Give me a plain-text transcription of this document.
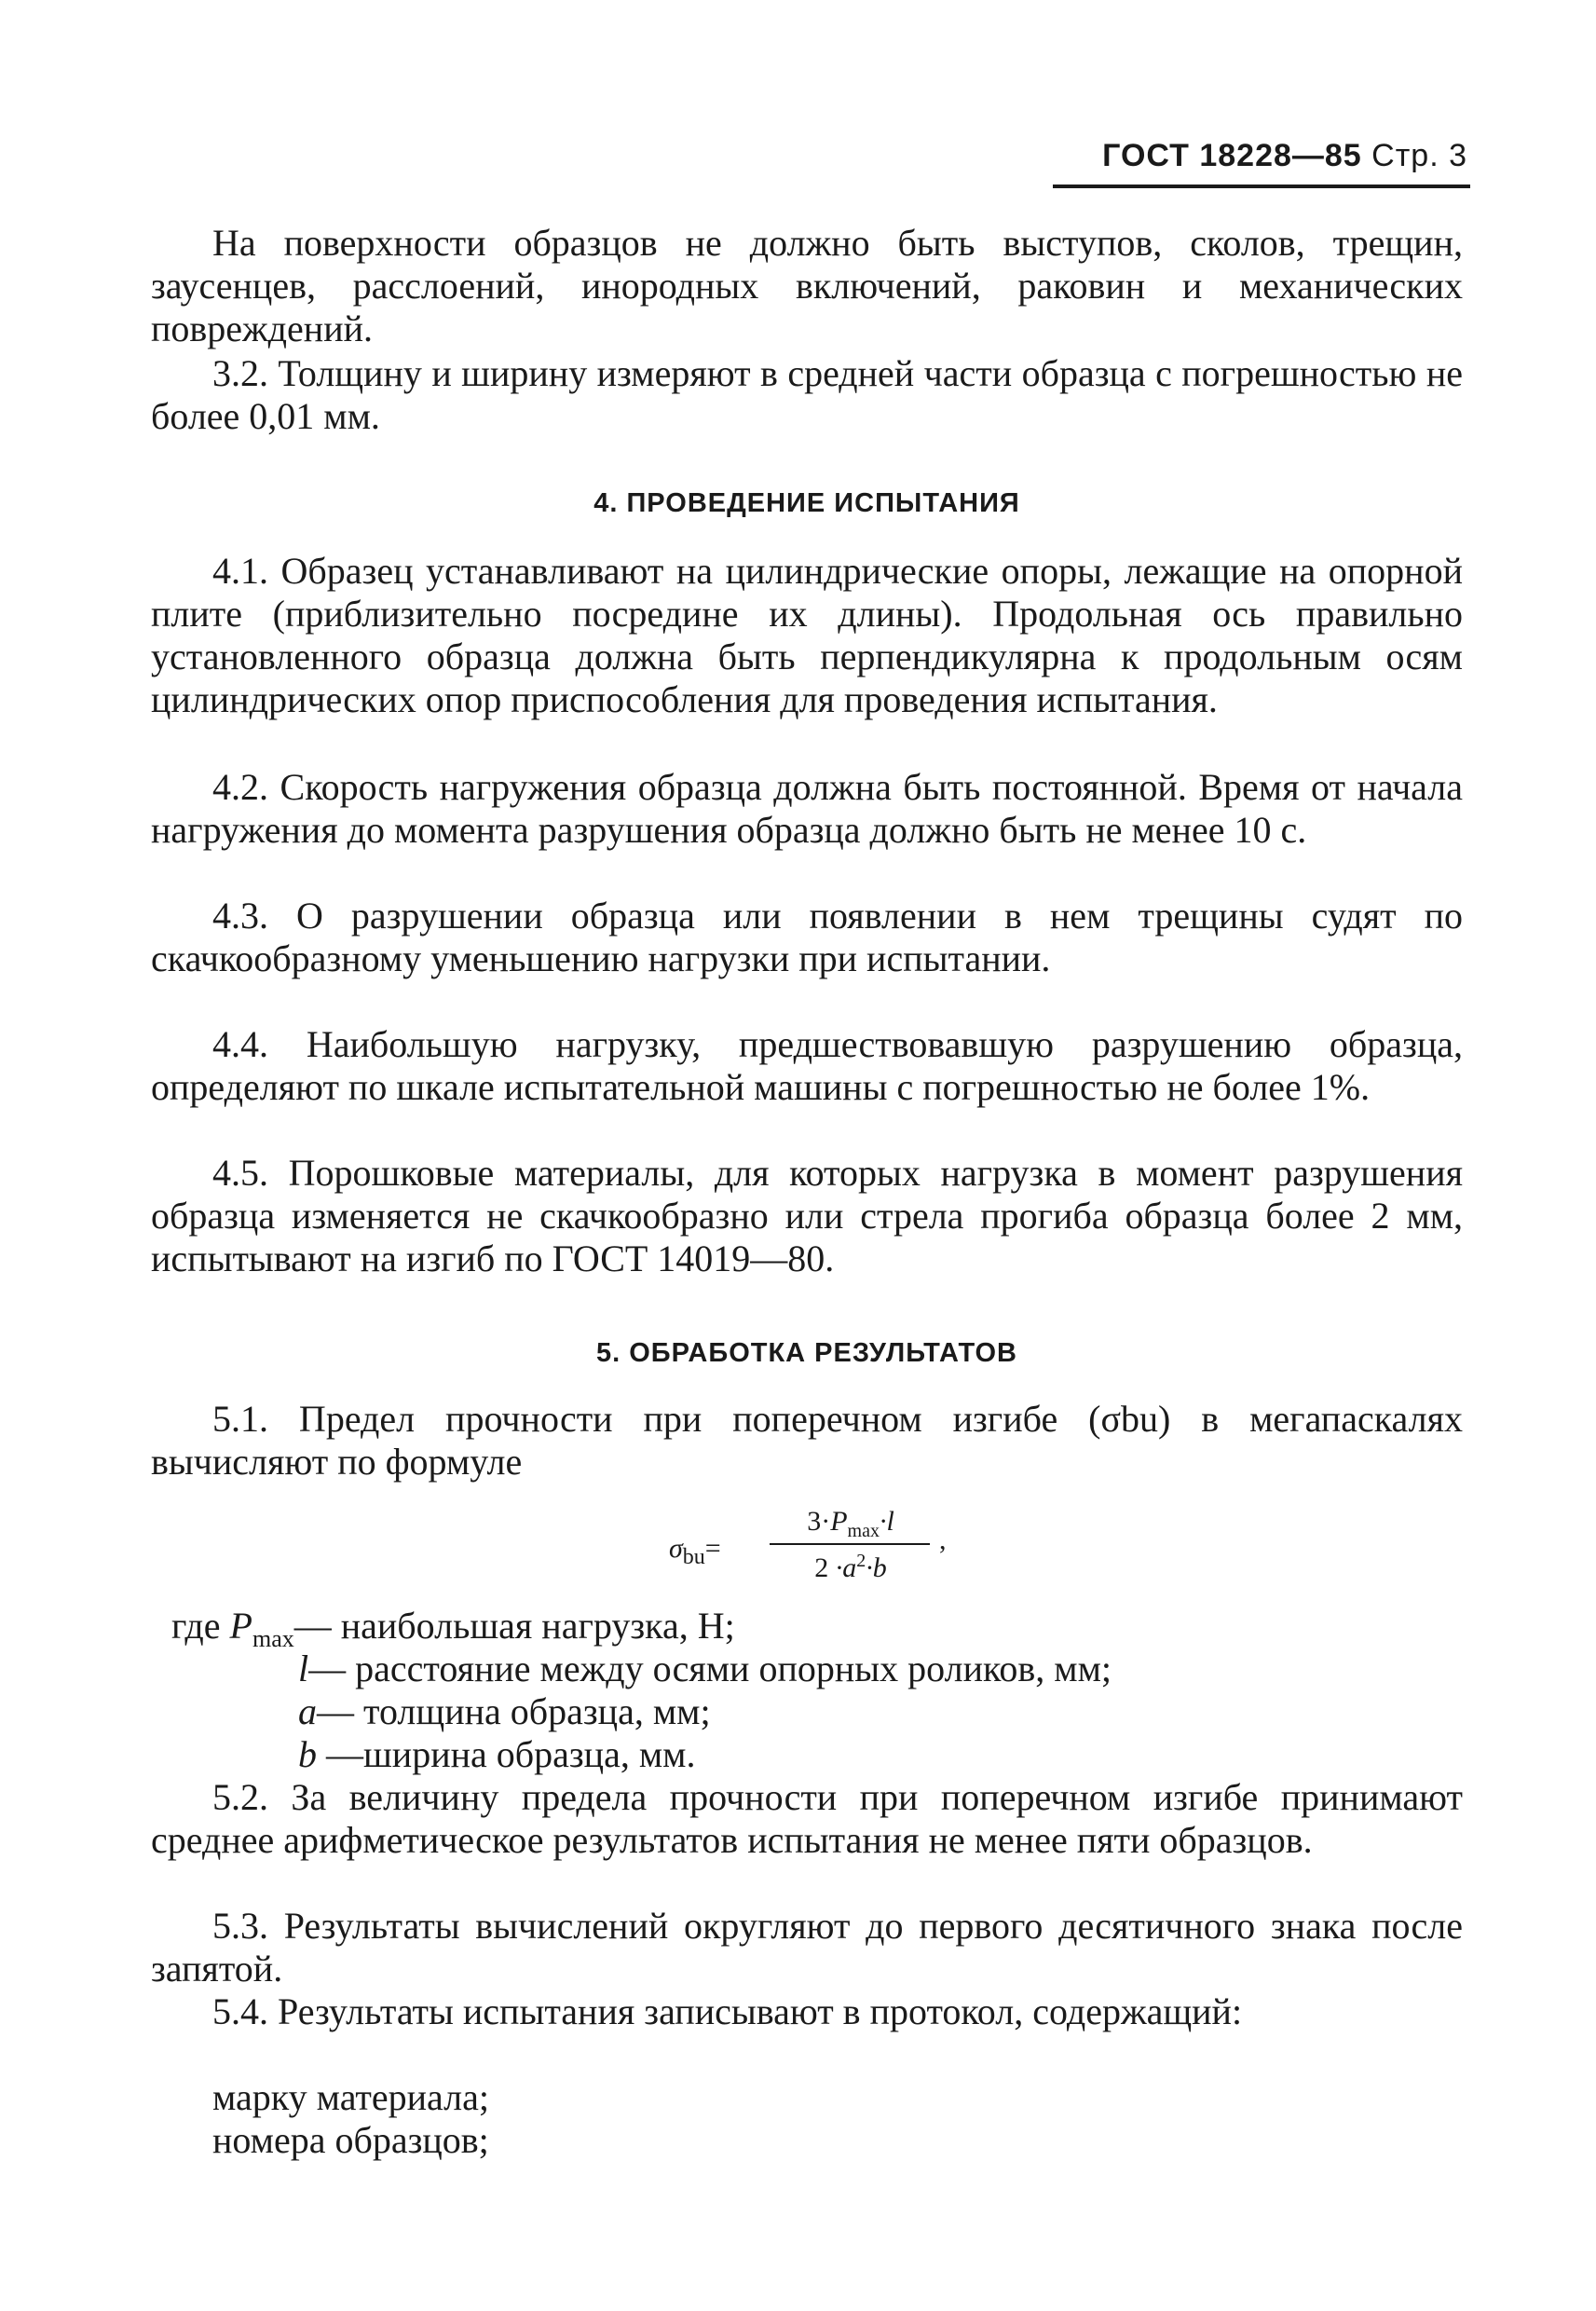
ГОСТ 18228—85 Стр. 3

На поверхности образцов не должно быть выступов, сколов, трещин, заусенцев, расслоений, инородных включений, раковин и механических повреждений.

3.2. Толщину и ширину измеряют в средней части образца с погрешностью не более 0,01 мм.

4. ПРОВЕДЕНИЕ ИСПЫТАНИЯ

4.1. Образец устанавливают на цилиндрические опоры, лежащие на опорной плите (приблизительно посредине их длины). Продольная ось правильно установленного образца должна быть перпендикулярна к продольным осям цилиндрических опор приспособления для проведения испытания.

4.2. Скорость нагружения образца должна быть постоянной. Время от начала нагружения до момента разрушения образца должно быть не менее 10 с.

4.3. О разрушении образца или появлении в нем трещины судят по скачкообразному уменьшению нагрузки при испытании.

4.4. Наибольшую нагрузку, предшествовавшую разрушению образца, определяют по шкале испытательной машины с погрешностью не более 1%.

4.5. Порошковые материалы, для которых нагрузка в момент разрушения образца изменяется не скачкообразно или стрела прогиба образца более 2 мм, испытывают на изгиб по ГОСТ 14019—80.

5. ОБРАБОТКА РЕЗУЛЬТАТОВ

5.1. Предел прочности при поперечном изгибе (σbu) в мегапаскалях вычисляют по формуле

$\sigma_{bu}=$
$3\cdot P_{max}\cdot l$
$2 \cdot a^2\cdot b$
,
где $P_{max}—$ наибольшая нагрузка, Н;
l— расстояние между осями опорных роликов, мм;
a— толщина образца, мм;
b —ширина образца, мм.

5.2. За величину предела прочности при поперечном изгибе принимают среднее арифметическое результатов испытания не менее пяти образцов.

5.3. Результаты вычислений округляют до первого десятичного знака после запятой.

5.4. Результаты испытания записывают в протокол, содержащий:

марку материала;

номера образцов;
